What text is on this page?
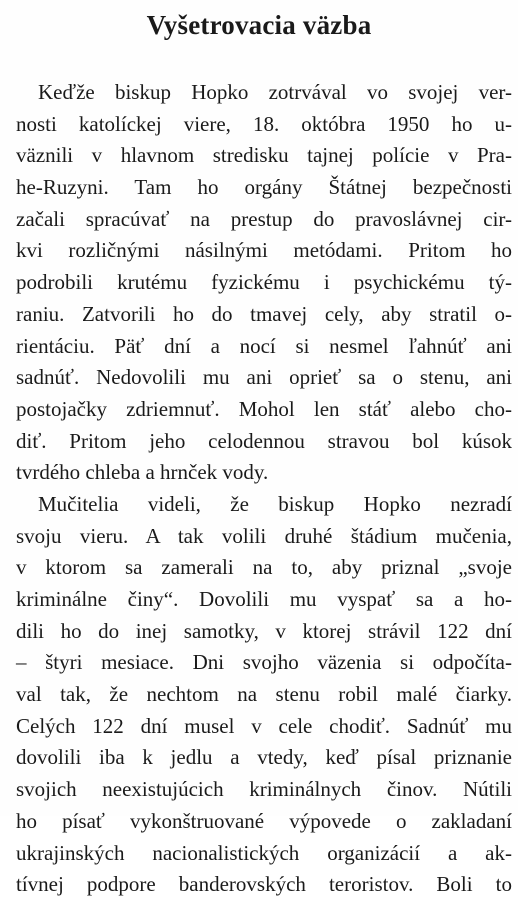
Vyšetrovacia väzba
Keďže biskup Hopko zotrvával vo svojej ver-
nosti katolíckej viere, 18. októbra 1950 ho u-
väznili v hlavnom stredisku tajnej polície v Pra-
he-Ruzyni. Tam ho orgány Štátnej bezpečnosti
začali spracúvať na prestup do pravoslávnej cir-
kvi rozličnými násilnými metódami. Pritom ho
podrobili krutému fyzickému i psychickému tý-
raniu. Zatvorili ho do tmavej cely, aby stratil o-
rientáciu. Päť dní a nocí si nesmel ľahnúť ani
sadnúť. Nedovolili mu ani oprieť sa o stenu, ani
postojačky zdriemnuť. Mohol len stáť alebo cho-
diť. Pritom jeho celodennou stravou bol kúsok
tvrdého chleba a hrnček vody.
Mučitelia videli, že biskup Hopko nezradí
svoju vieru. A tak volili druhé štádium mučenia,
v ktorom sa zamerali na to, aby priznal „svoje
kriminálne činy“. Dovolili mu vyspať sa a ho-
dili ho do inej samotky, v ktorej strávil 122 dní
– štyri mesiace. Dni svojho väzenia si odpočíta-
val tak, že nechtom na stenu robil malé čiarky.
Celých 122 dní musel v cele chodiť. Sadnúť mu
dovolili iba k jedlu a vtedy, keď písal priznanie
svojich neexistujúcich kriminálnych činov. Nútili
ho písať vykonštruované výpovede o zakladaní
ukrajinských nacionalistických organizácií a ak-
tívnej podpore banderovských teroristov. Boli to
